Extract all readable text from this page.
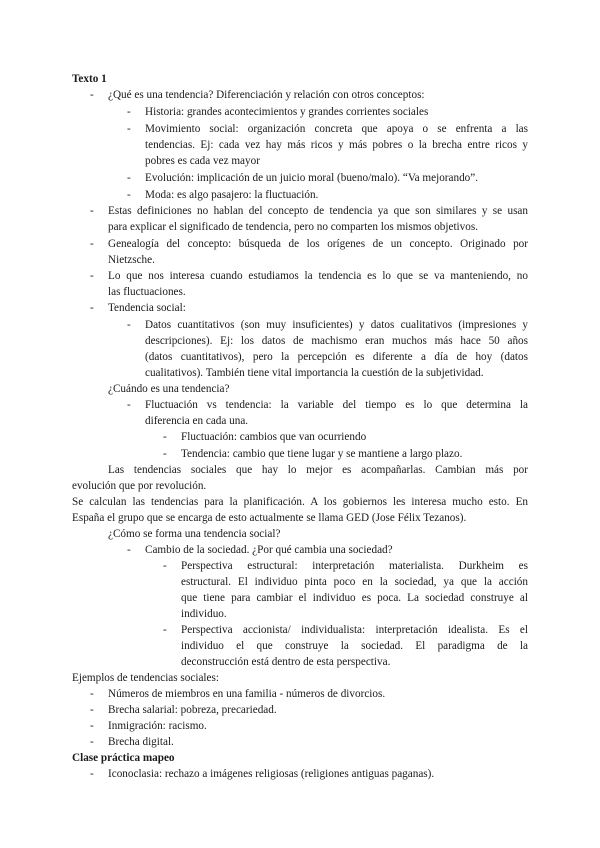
Texto 1
- ¿Qué es una tendencia? Diferenciación y relación con otros conceptos:
- Historia: grandes acontecimientos y grandes corrientes sociales
- Movimiento social: organización concreta que apoya o se enfrenta a las
tendencias. Ej: cada vez hay más ricos y más pobres o la brecha entre ricos y
pobres es cada vez mayor
- Evolución: implicación de un juicio moral (bueno/malo). “Va mejorando”.
- Moda: es algo pasajero: la fluctuación.
- Estas definiciones no hablan del concepto de tendencia ya que son similares y se usan
para explicar el significado de tendencia, pero no comparten los mismos objetivos.
- Genealogía del concepto: búsqueda de los orígenes de un concepto. Originado por
Nietzsche.
- Lo que nos interesa cuando estudiamos la tendencia es lo que se va manteniendo, no
las fluctuaciones.
- Tendencia social:
- Datos cuantitativos (son muy insuficientes) y datos cualitativos (impresiones y
descripciones). Ej: los datos de machismo eran muchos más hace 50 años
(datos cuantitativos), pero la percepción es diferente a día de hoy (datos
cualitativos). También tiene vital importancia la cuestión de la subjetividad.
¿Cuándo es una tendencia?
- Fluctuación vs tendencia: la variable del tiempo es lo que determina la
diferencia en cada una.
- Fluctuación: cambios que van ocurriendo
- Tendencia: cambio que tiene lugar y se mantiene a largo plazo.
Las tendencias sociales que hay lo mejor es acompañarlas. Cambian más por
evolución que por revolución.
Se calculan las tendencias para la planificación. A los gobiernos les interesa mucho esto. En
España el grupo que se encarga de esto actualmente se llama GED (Jose Félix Tezanos).
¿Cómo se forma una tendencia social?
- Cambio de la sociedad. ¿Por qué cambia una sociedad?
- Perspectiva estructural: interpretación materialista. Durkheim es
estructural. El individuo pinta poco en la sociedad, ya que la acción
que tiene para cambiar el individuo es poca. La sociedad construye al
individuo.
- Perspectiva accionista/ individualista: interpretación idealista. Es el
individuo el que construye la sociedad. El paradigma de la
deconstrucción está dentro de esta perspectiva.
Ejemplos de tendencias sociales:
- Números de miembros en una familia - números de divorcios.
- Brecha salarial: pobreza, precariedad.
- Inmigración: racismo.
- Brecha digital.
Clase práctica mapeo
- Iconoclasia: rechazo a imágenes religiosas (religiones antiguas paganas).
